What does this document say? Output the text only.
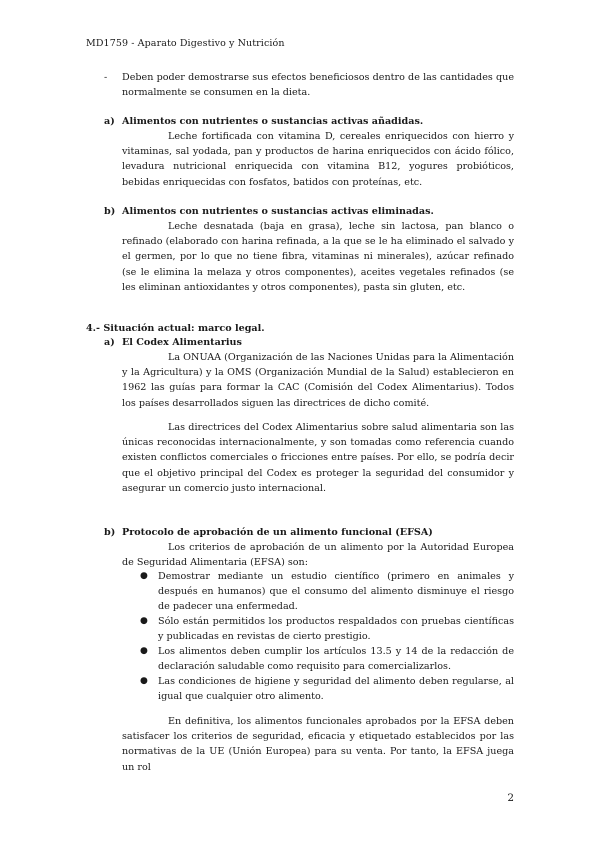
MD1759 - Aparato Digestivo y Nutrición
- Deben poder demostrarse sus efectos beneficiosos dentro de las cantidades que normalmente se consumen en la dieta.

a) Alimentos con nutrientes o sustancias activas añadidas.

Leche fortificada con vitamina D, cereales enriquecidos con hierro y vitaminas, sal yodada, pan y productos de harina enriquecidos con ácido fólico, levadura nutricional enriquecida con vitamina B12, yogures probióticos, bebidas enriquecidas con fosfatos, batidos con proteínas, etc.

b) Alimentos con nutrientes o sustancias activas eliminadas.

Leche desnatada (baja en grasa), leche sin lactosa, pan blanco o refinado (elaborado con harina refinada, a la que se le ha eliminado el salvado y el germen, por lo que no tiene fibra, vitaminas ni minerales), azúcar refinado (se le elimina la melaza y otros componentes), aceites vegetales refinados (se les eliminan antioxidantes y otros componentes), pasta sin gluten, etc.

4.- Situación actual: marco legal.
a) El Codex Alimentarius

La ONUAA (Organización de las Naciones Unidas para la Alimentación y la Agricultura) y la OMS (Organización Mundial de la Salud) establecieron en 1962 las guías para formar la CAC (Comisión del Codex Alimentarius). Todos los países desarrollados siguen las directrices de dicho comité.

Las directrices del Codex Alimentarius sobre salud alimentaria son las únicas reconocidas internacionalmente, y son tomadas como referencia cuando existen conflictos comerciales o fricciones entre países. Por ello, se podría decir que el objetivo principal del Codex es proteger la seguridad del consumidor y asegurar un comercio justo internacional.

b) Protocolo de aprobación de un alimento funcional (EFSA)

Los criterios de aprobación de un alimento por la Autoridad Europea de Seguridad Alimentaria (EFSA) son:

● Demostrar mediante un estudio científico (primero en animales y después en humanos) que el consumo del alimento disminuye el riesgo de padecer una enfermedad.

● Sólo están permitidos los productos respaldados con pruebas científicas y publicadas en revistas de cierto prestigio.

● Los alimentos deben cumplir los artículos 13.5 y 14 de la redacción de declaración saludable como requisito para comercializarlos.

● Las condiciones de higiene y seguridad del alimento deben regularse, al igual que cualquier otro alimento.

En definitiva, los alimentos funcionales aprobados por la EFSA deben satisfacer los criterios de seguridad, eficacia y etiquetado establecidos por las normativas de la UE (Unión Europea) para su venta. Por tanto, la EFSA juega un rol

2
